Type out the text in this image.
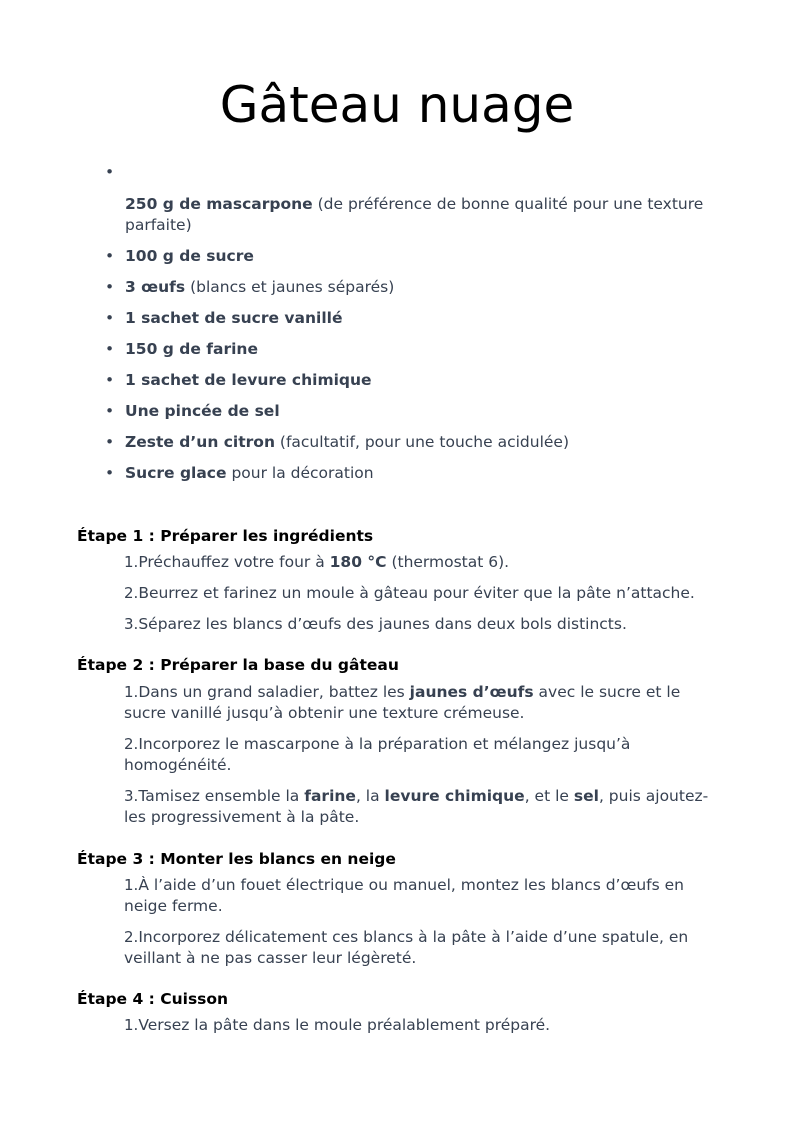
Gâteau nuage
•
250 g de mascarpone (de préférence de bonne qualité pour une texture parfaite)
• 100 g de sucre
• 3 œufs (blancs et jaunes séparés)
• 1 sachet de sucre vanillé
• 150 g de farine
• 1 sachet de levure chimique
• Une pincée de sel
• Zeste d’un citron (facultatif, pour une touche acidulée)
• Sucre glace pour la décoration
Étape 1 : Préparer les ingrédients
1.Préchauffez votre four à 180 °C (thermostat 6).
2.Beurrez et farinez un moule à gâteau pour éviter que la pâte n’attache.
3.Séparez les blancs d’œufs des jaunes dans deux bols distincts.
Étape 2 : Préparer la base du gâteau
1.Dans un grand saladier, battez les jaunes d’œufs avec le sucre et le sucre vanillé jusqu’à obtenir une texture crémeuse.
2.Incorporez le mascarpone à la préparation et mélangez jusqu’à homogénéité.
3.Tamisez ensemble la farine, la levure chimique, et le sel, puis ajoutez-les progressivement à la pâte.
Étape 3 : Monter les blancs en neige
1.À l’aide d’un fouet électrique ou manuel, montez les blancs d’œufs en neige ferme.
2.Incorporez délicatement ces blancs à la pâte à l’aide d’une spatule, en veillant à ne pas casser leur légèreté.
Étape 4 : Cuisson
1.Versez la pâte dans le moule préalablement préparé.
